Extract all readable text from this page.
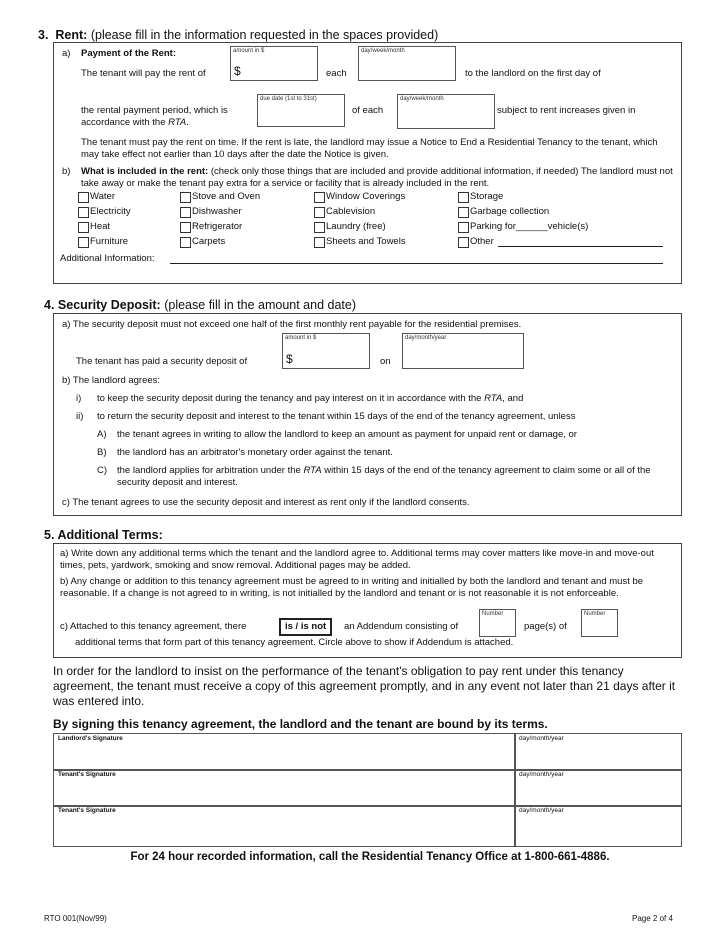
3. Rent: (please fill in the information requested in the spaces provided)
a) Payment of the Rent:
The tenant will pay the rent of
amount in $
$	each
day/week/month
to the landlord on the first day of
the rental payment period, which is
due date (1st to 31st)
of each
day/week/month
subject to rent increases given in
accordance with the RTA.
The tenant must pay the rent on time. If the rent is late, the landlord may issue a Notice to End a Residential Tenancy to the tenant, which may take effect not earlier than 10 days after the date the Notice is given.
b) What is included in the rent: (check only those things that are included and provide additional information, if needed) The landlord must not take away or make the tenant pay extra for a service or facility that is already included in the rent.
Water	Stove and Oven	Window Coverings	Storage
Electricity	Dishwasher	Cablevision	Garbage collection
Heat	Refrigerator	Laundry (free)	Parking for______vehicle(s)
Furniture	Carpets	Sheets and Towels	Other
Additional Information:
4. Security Deposit: (please fill in the amount and date)
a) The security deposit must not exceed one half of the first monthly rent payable for the residential premises.
The tenant has paid a security deposit of
amount in $
$	on
day/month/year
b) The landlord agrees:
i) to keep the security deposit during the tenancy and pay interest on it in accordance with the RTA, and
ii) to return the security deposit and interest to the tenant within 15 days of the end of the tenancy agreement, unless
A) the tenant agrees in writing to allow the landlord to keep an amount as payment for unpaid rent or damage, or
B) the landlord has an arbitrator's monetary order against the tenant.
C) the landlord applies for arbitration under the RTA within 15 days of the end of the tenancy agreement to claim some or all of the security deposit and interest.
c) The tenant agrees to use the security deposit and interest as rent only if the landlord consents.
5. Additional Terms:
a) Write down any additional terms which the tenant and the landlord agree to. Additional terms may cover matters like move-in and move-out times, pets, yardwork, smoking and snow removal. Additional pages may be added.
b) Any change or addition to this tenancy agreement must be agreed to in writing and initialled by both the landlord and tenant and must be reasonable. If a change is not agreed to in writing, is not initialled by the landlord and tenant or is not reasonable it is not enforceable.
c) Attached to this tenancy agreement, there	is / is not	an Addendum consisting of
Number
page(s) of
Number
additional terms that form part of this tenancy agreement. Circle above to show if Addendum is attached.
In order for the landlord to insist on the performance of the tenant's obligation to pay rent under this tenancy agreement, the tenant must receive a copy of this agreement promptly, and in any event not later than 21 days after it was entered into.
By signing this tenancy agreement, the landlord and the tenant are bound by its terms.
Landlord's Signature	day/month/year
Tenant's Signature	day/month/year
Tenant's Signature	day/month/year
For 24 hour recorded information, call the Residential Tenancy Office at 1-800-661-4886.
RTO 001(Nov/99)	Page 2 of 4
